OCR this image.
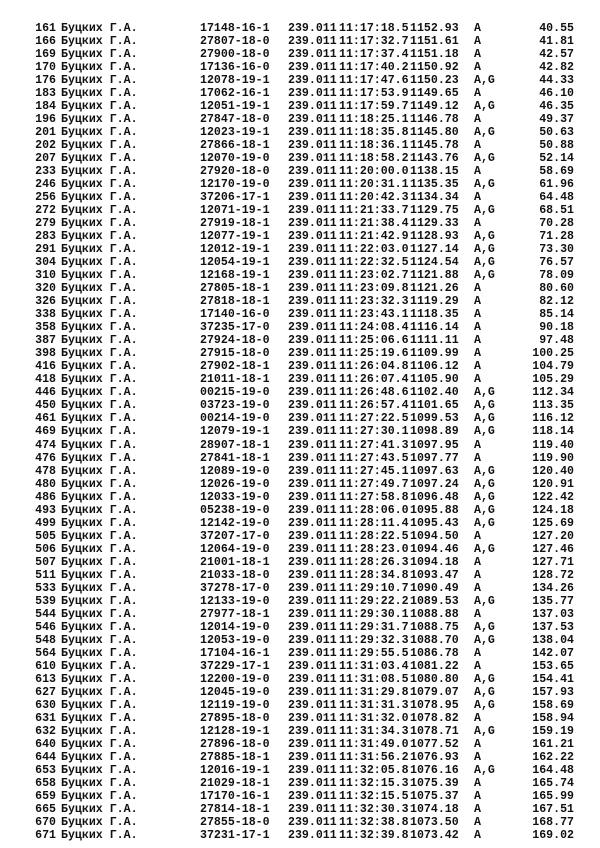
161 Буцких Г.А.	17148-16-1 239.011 11:17:18.5 1152.93 A	40.55
166 Буцких Г.А.	27807-18-0 239.011 11:17:32.7 1151.61 A	41.81
169 Буцких Г.А.	27900-18-0 239.011 11:17:37.4 1151.18 A	42.57
170 Буцких Г.А.	17136-16-0 239.011 11:17:40.2 1150.92 A	42.82
176 Буцких Г.А.	12078-19-1 239.011 11:17:47.6 1150.23 A,G	44.33
183 Буцких Г.А.	17062-16-1 239.011 11:17:53.9 1149.65 A	46.10
184 Буцких Г.А.	12051-19-1 239.011 11:17:59.7 1149.12 A,G	46.35
196 Буцких Г.А.	27847-18-0 239.011 11:18:25.1 1146.78 A	49.37
201 Буцких Г.А.	12023-19-1 239.011 11:18:35.8 1145.80 A,G	50.63
202 Буцких Г.А.	27866-18-1 239.011 11:18:36.1 1145.78 A	50.88
207 Буцких Г.А.	12070-19-0 239.011 11:18:58.2 1143.76 A,G	52.14
233 Буцких Г.А.	27920-18-0 239.011 11:20:00.0 1138.15 A	58.69
246 Буцких Г.А.	12170-19-0 239.011 11:20:31.1 1135.35 A,G	61.96
256 Буцких Г.А.	37206-17-1 239.011 11:20:42.3 1134.34 A	64.48
272 Буцких Г.А.	12071-19-1 239.011 11:21:33.7 1129.75 A,G	68.51
279 Буцких Г.А.	27919-18-1 239.011 11:21:38.4 1129.33 A	70.28
283 Буцких Г.А.	12077-19-1 239.011 11:21:42.9 1128.93 A,G	71.28
291 Буцких Г.А.	12012-19-1 239.011 11:22:03.0 1127.14 A,G	73.30
304 Буцких Г.А.	12054-19-1 239.011 11:22:32.5 1124.54 A,G	76.57
310 Буцких Г.А.	12168-19-1 239.011 11:23:02.7 1121.88 A,G	78.09
320 Буцких Г.А.	27805-18-1 239.011 11:23:09.8 1121.26 A	80.60
326 Буцких Г.А.	27818-18-1 239.011 11:23:32.3 1119.29 A	82.12
338 Буцких Г.А.	17140-16-0 239.011 11:23:43.1 1118.35 A	85.14
358 Буцких Г.А.	37235-17-0 239.011 11:24:08.4 1116.14 A	90.18
387 Буцких Г.А.	27924-18-0 239.011 11:25:06.6 1111.11 A	97.48
398 Буцких Г.А.	27915-18-0 239.011 11:25:19.6 1109.99 A	100.25
416 Буцких Г.А.	27902-18-1 239.011 11:26:04.8 1106.12 A	104.79
418 Буцких Г.А.	21011-18-1 239.011 11:26:07.4 1105.90 A	105.29
446 Буцких Г.А.	00215-19-0 239.011 11:26:48.6 1102.40 A,G	112.34
450 Буцких Г.А.	03723-19-0 239.011 11:26:57.4 1101.65 A,G	113.35
461 Буцких Г.А.	00214-19-0 239.011 11:27:22.5 1099.53 A,G	116.12
469 Буцких Г.А.	12079-19-1 239.011 11:27:30.1 1098.89 A,G	118.14
474 Буцких Г.А.	28907-18-1 239.011 11:27:41.3 1097.95 A	119.40
476 Буцких Г.А.	27841-18-1 239.011 11:27:43.5 1097.77 A	119.90
478 Буцких Г.А.	12089-19-0 239.011 11:27:45.1 1097.63 A,G	120.40
480 Буцких Г.А.	12026-19-0 239.011 11:27:49.7 1097.24 A,G	120.91
486 Буцких Г.А.	12033-19-0 239.011 11:27:58.8 1096.48 A,G	122.42
493 Буцких Г.А.	05238-19-0 239.011 11:28:06.0 1095.88 A,G	124.18
499 Буцких Г.А.	12142-19-0 239.011 11:28:11.4 1095.43 A,G	125.69
505 Буцких Г.А.	37207-17-0 239.011 11:28:22.5 1094.50 A	127.20
506 Буцких Г.А.	12064-19-0 239.011 11:28:23.0 1094.46 A,G	127.46
507 Буцких Г.А.	21001-18-1 239.011 11:28:26.3 1094.18 A	127.71
511 Буцких Г.А.	21033-18-0 239.011 11:28:34.8 1093.47 A	128.72
533 Буцких Г.А.	37278-17-0 239.011 11:29:10.7 1090.49 A	134.26
539 Буцких Г.А.	12133-19-0 239.011 11:29:22.2 1089.53 A,G	135.77
544 Буцких Г.А.	27977-18-1 239.011 11:29:30.1 1088.88 A	137.03
546 Буцких Г.А.	12014-19-0 239.011 11:29:31.7 1088.75 A,G	137.53
548 Буцких Г.А.	12053-19-0 239.011 11:29:32.3 1088.70 A,G	138.04
564 Буцких Г.А.	17104-16-1 239.011 11:29:55.5 1086.78 A	142.07
610 Буцких Г.А.	37229-17-1 239.011 11:31:03.4 1081.22 A	153.65
613 Буцких Г.А.	12200-19-0 239.011 11:31:08.5 1080.80 A,G	154.41
627 Буцких Г.А.	12045-19-0 239.011 11:31:29.8 1079.07 A,G	157.93
630 Буцких Г.А.	12119-19-0 239.011 11:31:31.3 1078.95 A,G	158.69
631 Буцких Г.А.	27895-18-0 239.011 11:31:32.0 1078.82 A	158.94
632 Буцких Г.А.	12128-19-1 239.011 11:31:34.3 1078.71 A,G	159.19
640 Буцких Г.А.	27896-18-0 239.011 11:31:49.0 1077.52 A	161.21
644 Буцких Г.А.	27885-18-1 239.011 11:31:56.2 1076.93 A	162.22
653 Буцких Г.А.	12016-19-1 239.011 11:32:05.8 1076.16 A,G	164.48
658 Буцких Г.А.	21029-18-1 239.011 11:32:15.3 1075.39 A	165.74
659 Буцких Г.А.	17170-16-1 239.011 11:32:15.5 1075.37 A	165.99
665 Буцких Г.А.	27814-18-1 239.011 11:32:30.3 1074.18 A	167.51
670 Буцких Г.А.	27855-18-0 239.011 11:32:38.8 1073.50 A	168.77
671 Буцких Г.А.	37231-17-1 239.011 11:32:39.8 1073.42 A	169.02
